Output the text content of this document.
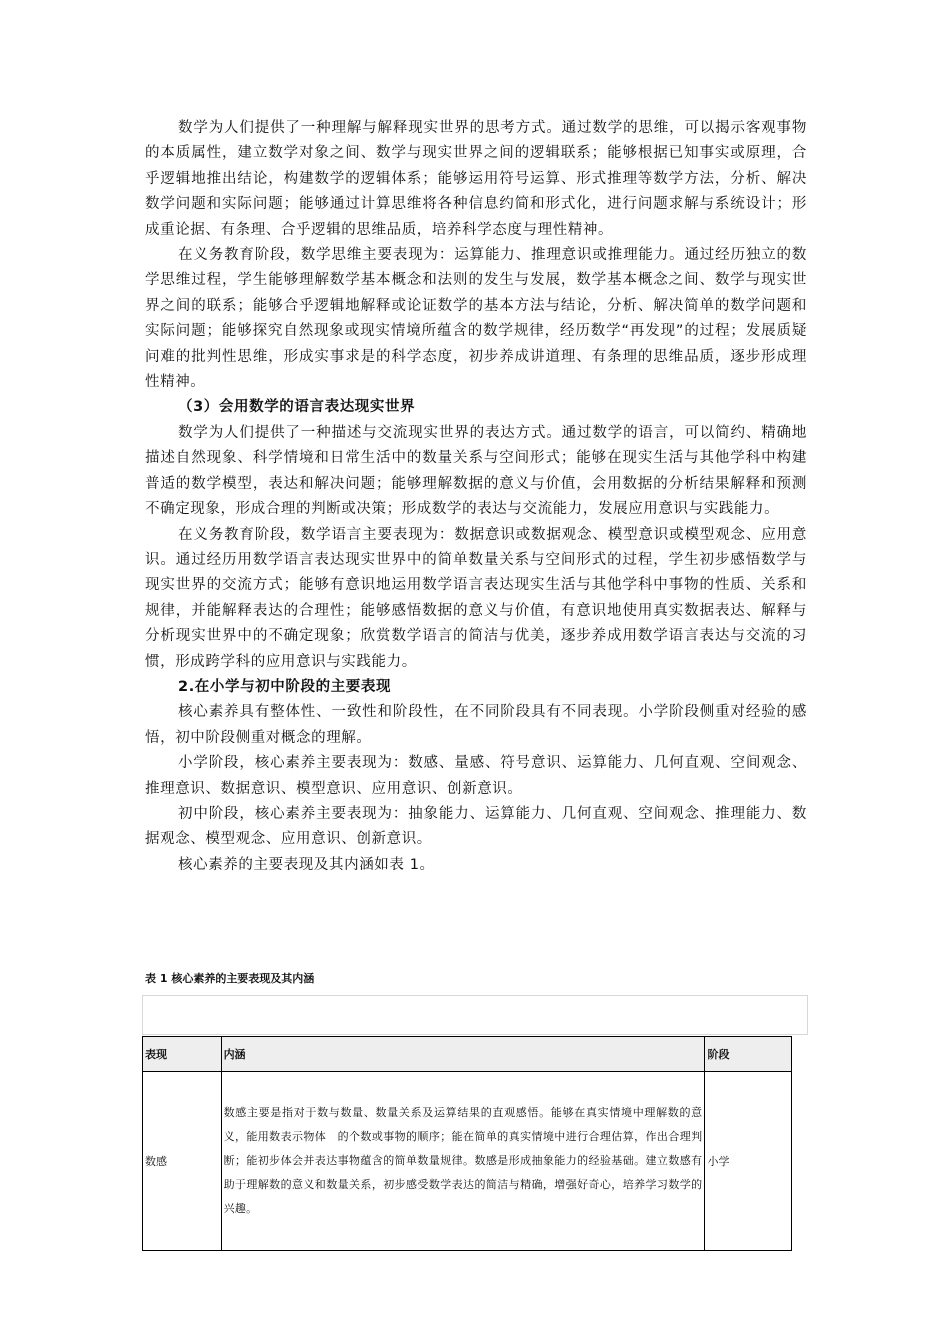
数学为人们提供了一种理解与解释现实世界的思考方式。通过数学的思维，可以揭示客观事物的本质属性，建立数学对象之间、数学与现实世界之间的逻辑联系；能够根据已知事实或原理，合乎逻辑地推出结论，构建数学的逻辑体系；能够运用符号运算、形式推理等数学方法，分析、解决数学问题和实际问题；能够通过计算思维将各种信息约简和形式化，进行问题求解与系统设计；形成重论据、有条理、合乎逻辑的思维品质，培养科学态度与理性精神。

在义务教育阶段，数学思维主要表现为：运算能力、推理意识或推理能力。通过经历独立的数学思维过程，学生能够理解数学基本概念和法则的发生与发展，数学基本概念之间、数学与现实世界之间的联系；能够合乎逻辑地解释或论证数学的基本方法与结论，分析、解决简单的数学问题和实际问题；能够探究自然现象或现实情境所蕴含的数学规律，经历数学“再发现”的过程；发展质疑问难的批判性思维，形成实事求是的科学态度，初步养成讲道理、有条理的思维品质，逐步形成理性精神。

（3）会用数学的语言表达现实世界

数学为人们提供了一种描述与交流现实世界的表达方式。通过数学的语言，可以简约、精确地描述自然现象、科学情境和日常生活中的数量关系与空间形式；能够在现实生活与其他学科中构建普适的数学模型，表达和解决问题；能够理解数据的意义与价值，会用数据的分析结果解释和预测不确定现象，形成合理的判断或决策；形成数学的表达与交流能力，发展应用意识与实践能力。

在义务教育阶段，数学语言主要表现为：数据意识或数据观念、模型意识或模型观念、应用意识。通过经历用数学语言表达现实世界中的简单数量关系与空间形式的过程，学生初步感悟数学与现实世界的交流方式；能够有意识地运用数学语言表达现实生活与其他学科中事物的性质、关系和规律，并能解释表达的合理性；能够感悟数据的意义与价值，有意识地使用真实数据表达、解释与分析现实世界中的不确定现象；欣赏数学语言的简洁与优美，逐步养成用数学语言表达与交流的习惯，形成跨学科的应用意识与实践能力。

2.在小学与初中阶段的主要表现

核心素养具有整体性、一致性和阶段性，在不同阶段具有不同表现。小学阶段侧重对经验的感悟，初中阶段侧重对概念的理解。

小学阶段，核心素养主要表现为：数感、量感、符号意识、运算能力、几何直观、空间观念、推理意识、数据意识、模型意识、应用意识、创新意识。

初中阶段，核心素养主要表现为：抽象能力、运算能力、几何直观、空间观念、推理能力、数据观念、模型观念、应用意识、创新意识。

核心素养的主要表现及其内涵如表 1。

表 1 核心素养的主要表现及其内涵
表现	内涵	阶段
数感	数感主要是指对于数与数量、数量关系及运算结果的直观感悟。能够在真实情境中理解数的意义，能用数表示物体　的个数或事物的顺序；能在简单的真实情境中进行合理估算，作出合理判断；能初步体会并表达事物蕴含的简单数量规律。数感是形成抽象能力的经验基础。建立数感有助于理解数的意义和数量关系，初步感受数学表达的简洁与精确，增强好奇心，培养学习数学的兴趣。	小学
